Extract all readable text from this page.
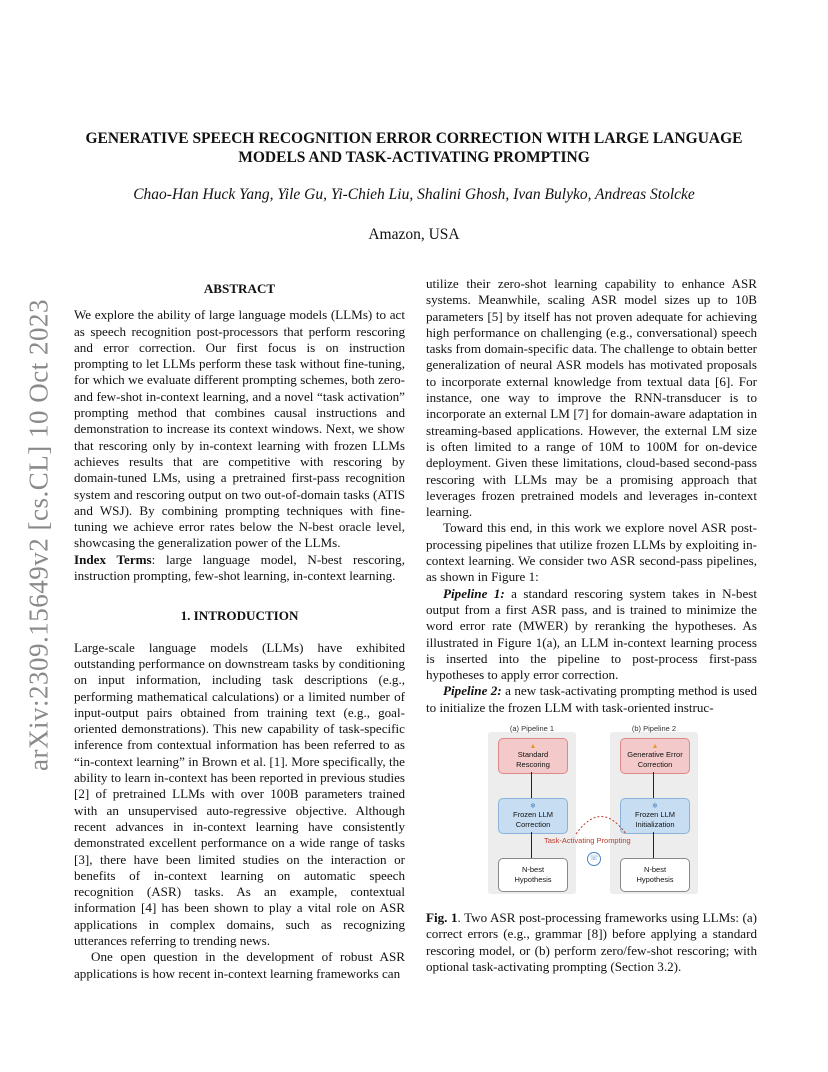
arXiv:2309.15649v2 [cs.CL] 10 Oct 2023
GENERATIVE SPEECH RECOGNITION ERROR CORRECTION WITH LARGE LANGUAGE
MODELS AND TASK-ACTIVATING PROMPTING
Chao-Han Huck Yang, Yile Gu, Yi-Chieh Liu, Shalini Ghosh, Ivan Bulyko, Andreas Stolcke
Amazon, USA
ABSTRACT

We explore the ability of large language models (LLMs) to act as speech recognition post-processors that perform rescoring and error correction. Our first focus is on instruction prompting to let LLMs perform these task without fine-tuning, for which we evaluate different prompting schemes, both zero- and few-shot in-context learning, and a novel “task activation” prompting method that combines causal instructions and demonstration to increase its context windows. Next, we show that rescoring only by in-context learning with frozen LLMs achieves results that are competitive with rescoring by domain-tuned LMs, using a pretrained first-pass recognition system and rescoring output on two out-of-domain tasks (ATIS and WSJ). By combining prompting techniques with fine-tuning we achieve error rates below the N-best oracle level, showcasing the generalization power of the LLMs.

Index Terms: large language model, N-best rescoring, instruction prompting, few-shot learning, in-context learning.

1. INTRODUCTION

Large-scale language models (LLMs) have exhibited outstanding performance on downstream tasks by conditioning on input information, including task descriptions (e.g., performing mathematical calculations) or a limited number of input-output pairs obtained from training text (e.g., goal-oriented demonstrations). This new capability of task-specific inference from contextual information has been referred to as “in-context learning” in Brown et al. [1]. More specifically, the ability to learn in-context has been reported in previous studies [2] of pretrained LLMs with over 100B parameters trained with an unsupervised auto-regressive objective. Although recent advances in in-context learning have consistently demonstrated excellent performance on a wide range of tasks [3], there have been limited studies on the interaction or benefits of in-context learning on automatic speech recognition (ASR) tasks. As an example, contextual information [4] has been shown to play a vital role on ASR applications in complex domains, such as recognizing utterances referring to trending news.

One open question in the development of robust ASR applications is how recent in-context learning frameworks can

utilize their zero-shot learning capability to enhance ASR systems. Meanwhile, scaling ASR model sizes up to 10B parameters [5] by itself has not proven adequate for achieving high performance on challenging (e.g., conversational) speech tasks from domain-specific data. The challenge to obtain better generalization of neural ASR models has motivated proposals to incorporate external knowledge from textual data [6]. For instance, one way to improve the RNN-transducer is to incorporate an external LM [7] for domain-aware adaptation in streaming-based applications. However, the external LM size is often limited to a range of 10M to 100M for on-device deployment. Given these limitations, cloud-based second-pass rescoring with LLMs may be a promising approach that leverages frozen pretrained models and leverages in-context learning.

Toward this end, in this work we explore novel ASR post-processing pipelines that utilize frozen LLMs by exploiting in-context learning. We consider two ASR second-pass pipelines, as shown in Figure 1:

Pipeline 1: a standard rescoring system takes in N-best output from a first ASR pass, and is trained to minimize the word error rate (MWER) by reranking the hypotheses. As illustrated in Figure 1(a), an LLM in-context learning process is inserted into the pipeline to post-process first-pass hypotheses to apply error correction.

Pipeline 2: a new task-activating prompting method is used to initialize the frozen LLM with task-oriented instruc-

(a) Pipeline 1
▲
Standard
Rescoring
❄
Frozen LLM
Correction
N-best
Hypothesis
(b) Pipeline 2
▲
Generative Error
Correction
❄
Frozen LLM
Initialization
N-best
Hypothesis
Task-Activating Prompting
☏
Fig. 1. Two ASR post-processing frameworks using LLMs: (a) correct errors (e.g., grammar [8]) before applying a standard rescoring model, or (b) perform zero/few-shot rescoring; with optional task-activating prompting (Section 3.2).
